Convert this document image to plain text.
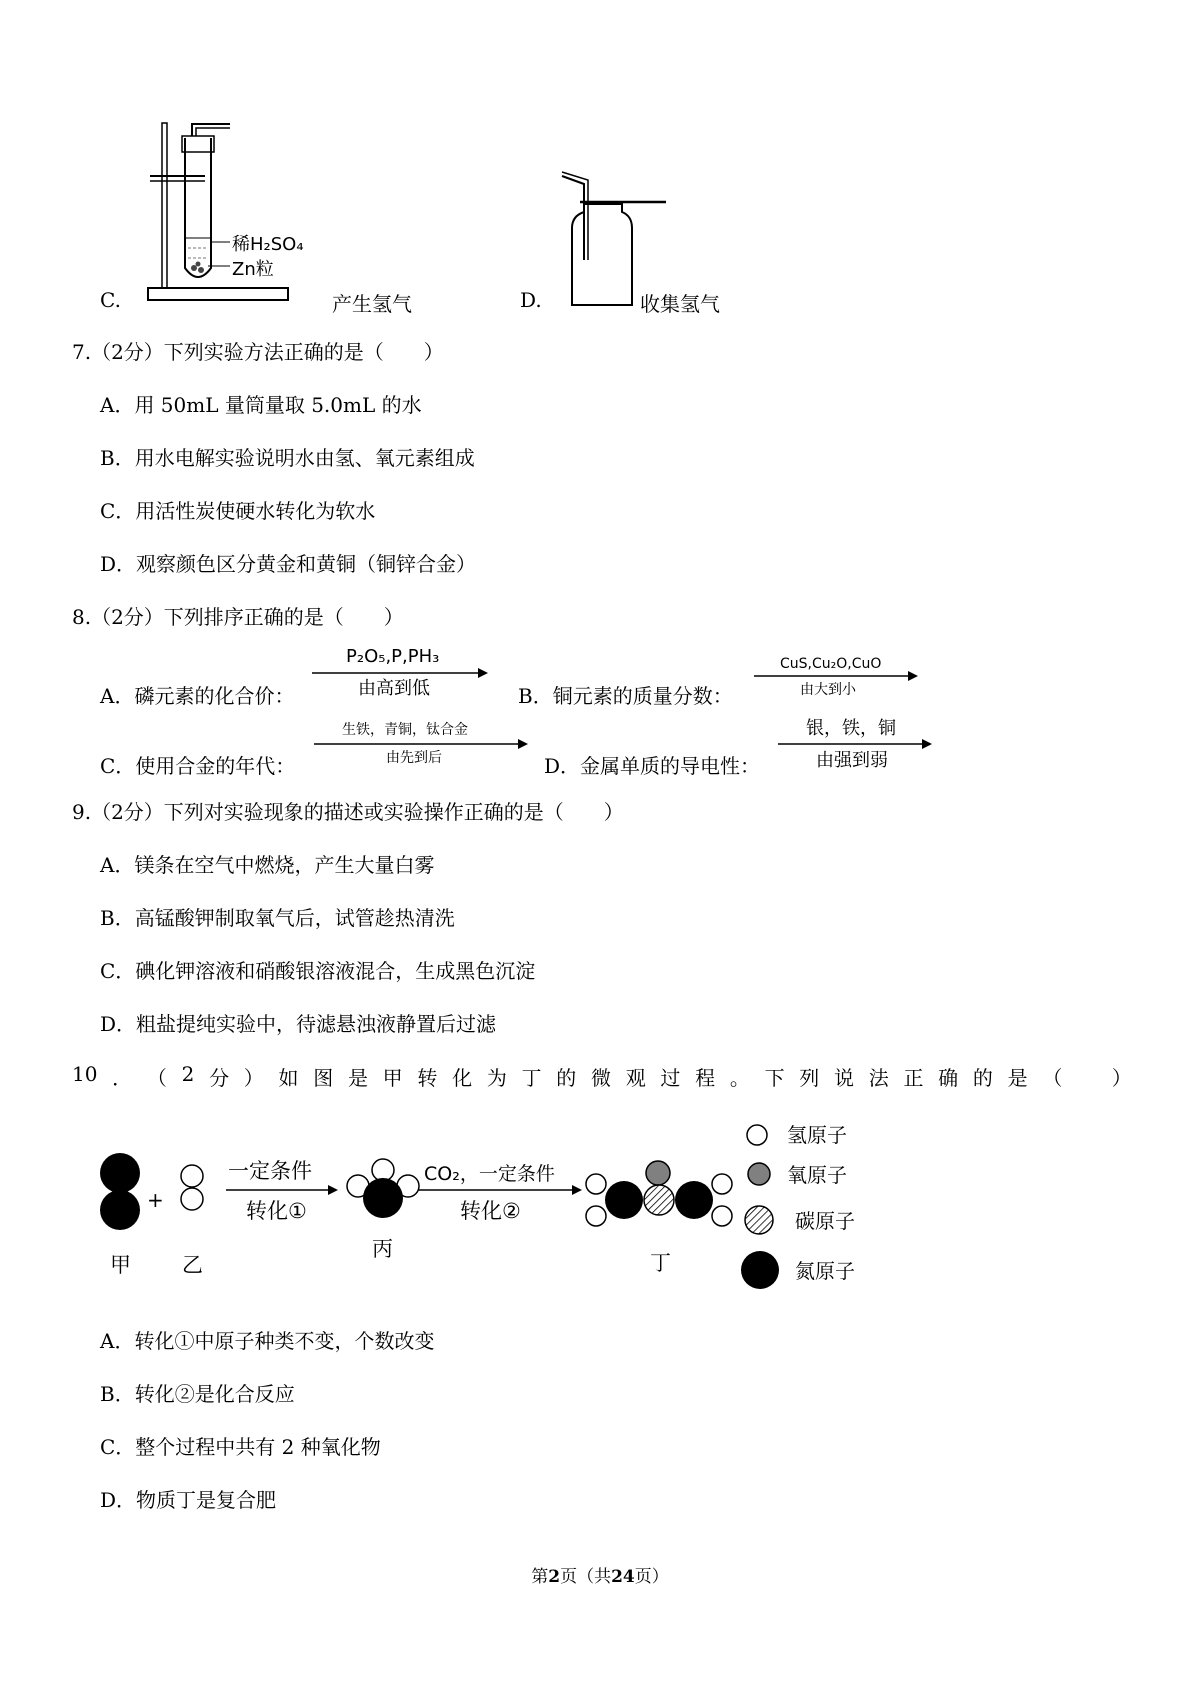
C.
稀H₂SO₄
Zn粒
产生氢气	D.	收集氢气
7.（2分）下列实验方法正确的是（　　）
A．用 50mL 量筒量取 5.0mL 的水
B．用水电解实验说明水由氢、氧元素组成
C．用活性炭使硬水转化为软水
D．观察颜色区分黄金和黄铜（铜锌合金）
8.（2分）下列排序正确的是（　　）
A．磷元素的化合价：
P₂O₅,P,PH₃
由高到低	B．铜元素的质量分数：
CuS,Cu₂O,CuO
由大到小
C．使用合金的年代：
生铁，青铜，钛合金
由先到后	D．金属单质的导电性：
银，铁，铜
由强到弱
9.（2分）下列对实验现象的描述或实验操作正确的是（　　）
A．镁条在空气中燃烧，产生大量白雾
B．高锰酸钾制取氧气后，试管趁热清洗
C．碘化钾溶液和硝酸银溶液混合，生成黑色沉淀
D．粗盐提纯实验中，待滤悬浊液静置后过滤
10 ． （ 2 分 ） 如 图 是 甲 转 化 为 丁 的 微 观 过 程 。 下 列 说 法 正 确 的 是 （
　 ）
+
甲 乙
一定条件
转化①
丙
CO₂，一定条件
转化②
丁
氢原子
氧原子
碳原子
氮原子
A．转化①中原子种类不变，个数改变
B．转化②是化合反应
C．整个过程中共有 2 种氧化物
D．物质丁是复合肥
第2页（共24页）
